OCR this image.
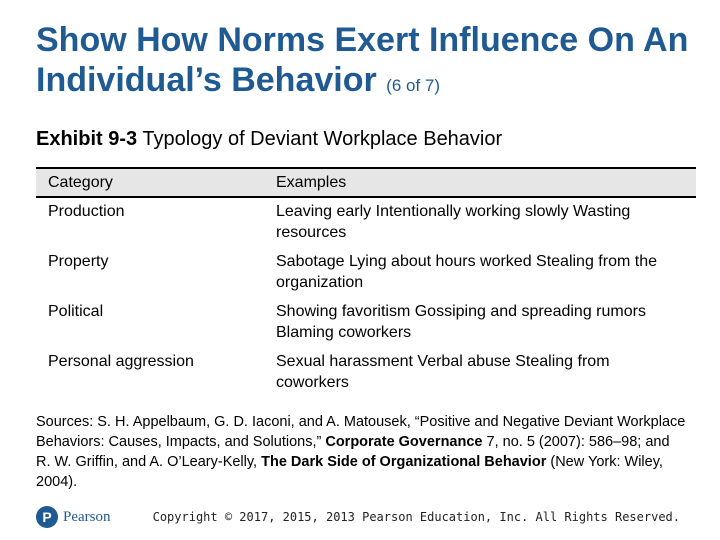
Show How Norms Exert Influence On An Individual’s Behavior (6 of 7)
Exhibit 9-3 Typology of Deviant Workplace Behavior
Category	Examples
Production	Leaving early Intentionally working slowly Wasting resources
Property	Sabotage Lying about hours worked Stealing from the organization
Political	Showing favoritism Gossiping and spreading rumors Blaming coworkers
Personal aggression	Sexual harassment Verbal abuse Stealing from coworkers
Sources: S. H. Appelbaum, G. D. Iaconi, and A. Matousek, “Positive and Negative Deviant Workplace Behaviors: Causes, Impacts, and Solutions,” Corporate Governance 7, no. 5 (2007): 586–98; and R. W. Griffin, and A. O’Leary-Kelly, The Dark Side of Organizational Behavior (New York: Wiley, 2004).
P Pearson	Copyright © 2017, 2015, 2013 Pearson Education, Inc. All Rights Reserved.
